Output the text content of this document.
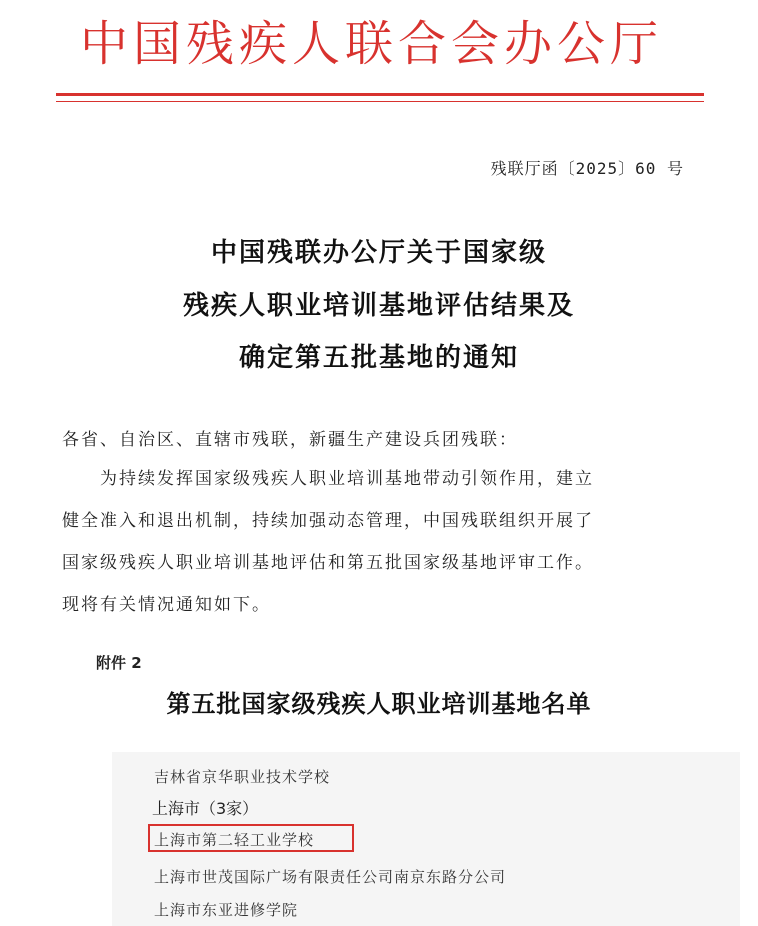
中国残疾人联合会办公厅
残联厅函〔2025〕60 号
中国残联办公厅关于国家级
残疾人职业培训基地评估结果及
确定第五批基地的通知
各省、自治区、直辖市残联，新疆生产建设兵团残联：
为持续发挥国家级残疾人职业培训基地带动引领作用，建立
健全准入和退出机制，持续加强动态管理，中国残联组织开展了
国家级残疾人职业培训基地评估和第五批国家级基地评审工作。
现将有关情况通知如下。
附件 2
第五批国家级残疾人职业培训基地名单
吉林省京华职业技术学校
上海市（3家）
上海市第二轻工业学校
上海市世茂国际广场有限责任公司南京东路分公司
上海市东亚进修学院
